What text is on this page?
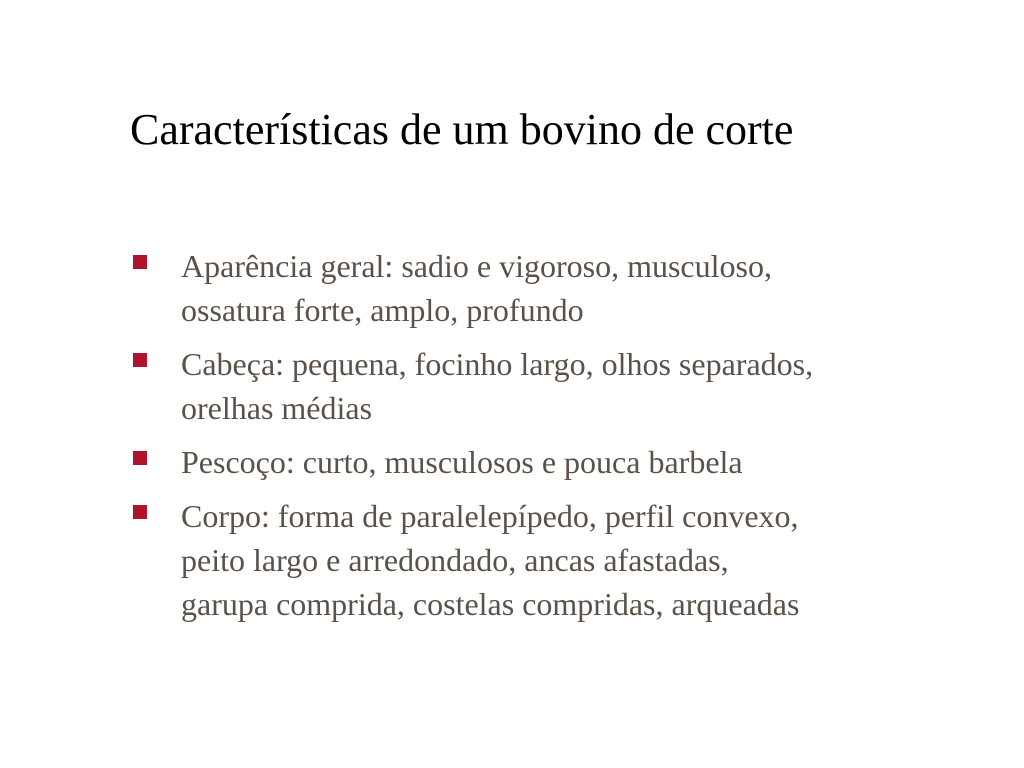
Características de um bovino de corte
Aparência geral: sadio e vigoroso, musculoso,
ossatura forte, amplo, profundo
Cabeça: pequena, focinho largo, olhos separados,
orelhas médias
Pescoço: curto, musculosos e pouca barbela
Corpo: forma de paralelepípedo, perfil convexo,
peito largo e arredondado, ancas afastadas,
garupa comprida, costelas compridas, arqueadas
